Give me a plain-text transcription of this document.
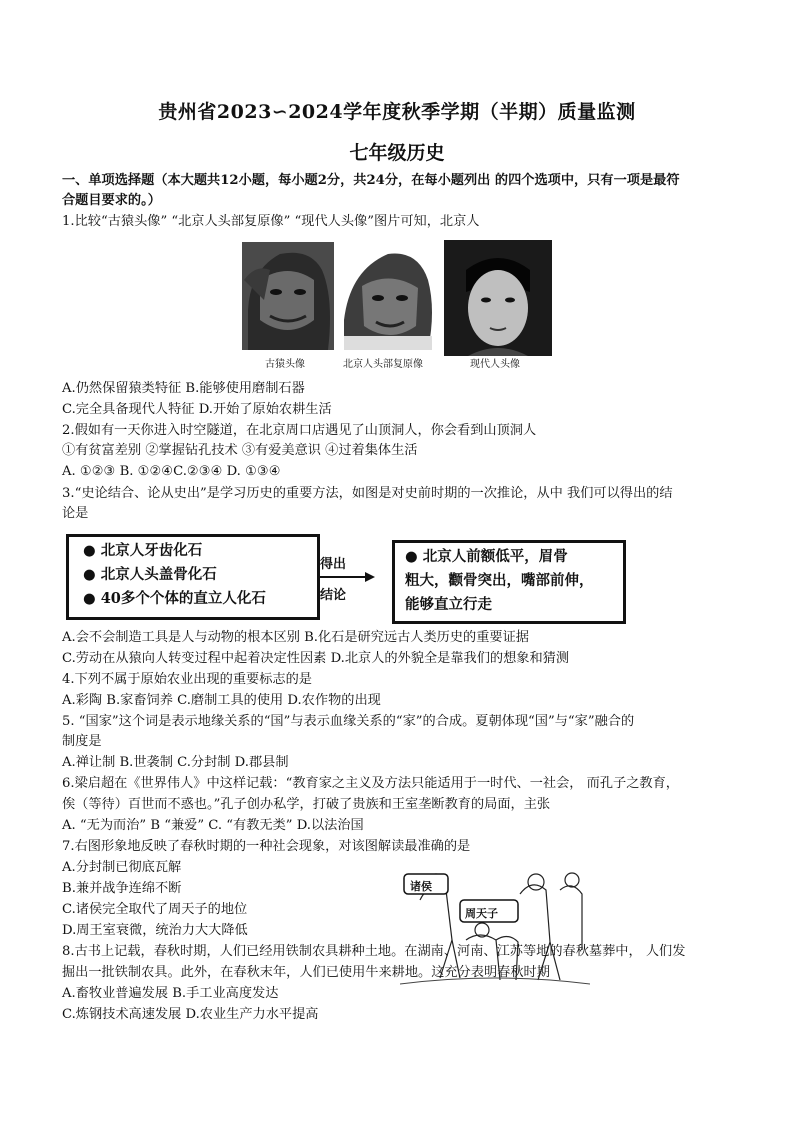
贵州省2023∽2024学年度秋季学期（半期）质量监测
七年级历史
一、单项选择题（本大题共12小题，每小题2分，共24分，在每小题列出 的四个选项中，只有一项是最符
合题目要求的。）
1.比较“古猿头像” “北京人头部复原像” “现代人头像”图片可知，北京人
古猿头像	北京人头部复原像	现代人头像
A.仍然保留猿类特征 B.能够使用磨制石器
C.完全具备现代人特征 D.开始了原始农耕生活
2.假如有一天你进入时空隧道，在北京周口店遇见了山顶洞人，你会看到山顶洞人
①有贫富差别 ②掌握钻孔技术 ③有爱美意识 ④过着集体生活
A. ①②③ B. ①②④C.②③④ D. ①③④
3.“史论结合、论从史出”是学习历史的重要方法，如图是对史前时期的一次推论，从中 我们可以得出的结
论是
● 北京人牙齿化石
● 北京人头盖骨化石
● 40多个个体的直立人化石
得出
结论
● 北京人前额低平，眉骨
粗大，颧骨突出，嘴部前伸，
能够直立行走
A.会不会制造工具是人与动物的根本区别 B.化石是研究远古人类历史的重要证据
C.劳动在从猿向人转变过程中起着决定性因素 D.北京人的外貌全是靠我们的想象和猜测
4.下列不属于原始农业出现的重要标志的是
A.彩陶 B.家畜饲养 C.磨制工具的使用 D.农作物的出现
5. “国家”这个词是表示地缘关系的“国”与表示血缘关系的“家”的合成。夏朝体现“国”与“家”融合的
制度是
A.禅让制 B.世袭制 C.分封制 D.郡县制
6.梁启超在《世界伟人》中这样记载：“教育家之主义及方法只能适用于一时代、一社会， 而孔子之教育，
俟（等待）百世而不惑也。”孔子创办私学，打破了贵族和王室垄断教育的局面，主张
A. “无为而治” B “兼爱” C. “有教无类” D.以法治国
7.右图形象地反映了春秋时期的一种社会现象，对该图解读最准确的是
A.分封制已彻底瓦解
B.兼并战争连绵不断
C.诸侯完全取代了周天子的地位
D.周王室衰微，统治力大大降低
诸侯
周天子
8.古书上记载，春秋时期，人们已经用铁制农具耕种土地。在湖南、河南、江苏等地的春秋墓葬中， 人们发
掘出一批铁制农具。此外，在春秋末年，人们已使用牛来耕地。这充分表明春秋时期
A.畜牧业普遍发展 B.手工业高度发达
C.炼钢技术高速发展 D.农业生产力水平提高
